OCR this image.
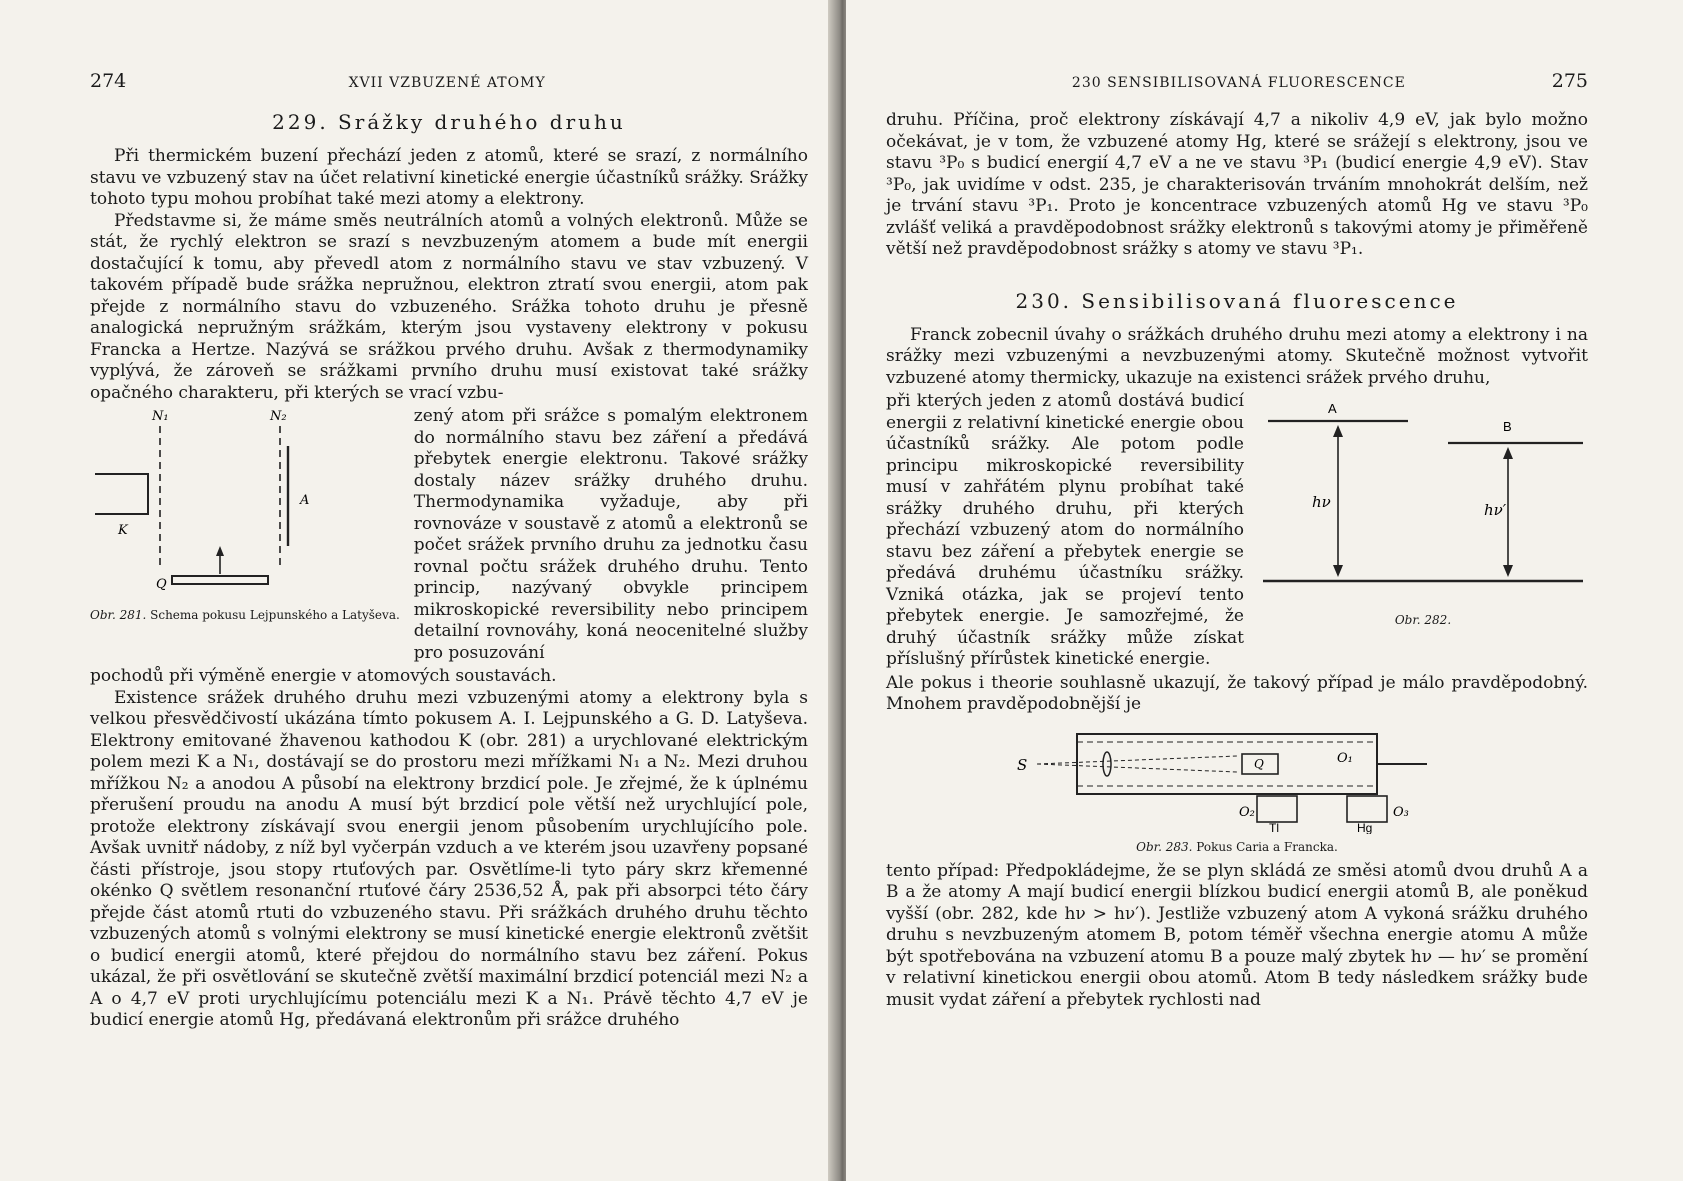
274	XVII VZBUZENÉ ATOMY
229. Srážky druhého druhu

Při thermickém buzení přechází jeden z atomů, které se srazí, z normálního stavu ve vzbuzený stav na účet relativní kinetické energie účastníků srážky. Srážky tohoto typu mohou probíhat také mezi atomy a elektrony.

Představme si, že máme směs neutrálních atomů a volných elektronů. Může se stát, že rychlý elektron se srazí s nevzbuzeným atomem a bude mít energii dostačující k tomu, aby převedl atom z normálního stavu ve stav vzbuzený. V takovém případě bude srážka nepružnou, elektron ztratí svou energii, atom pak přejde z normálního stavu do vzbuzeného. Srážka tohoto druhu je přesně analogická nepružným srážkám, kterým jsou vystaveny elektrony v pokusu Francka a Hertze. Nazývá se srážkou prvého druhu. Avšak z thermodynamiky vyplývá, že zároveň se srážkami prvního druhu musí existovat také srážky opačného charakteru, při kterých se vrací vzbu-

N₁	N₂
K
A
Q
Obr. 281. Schema pokusu Lejpunského a Latyševa.

zený atom při srážce s pomalým elektronem do normálního stavu bez záření a předává přebytek energie elektronu. Takové srážky dostaly název srážky druhého druhu. Thermodynamika vyžaduje, aby při rovnováze v soustavě z atomů a elektronů se počet srážek prvního druhu za jednotku času rovnal počtu srážek druhého druhu. Tento princip, nazývaný obvykle principem mikroskopické reversibility nebo principem detailní rovnováhy, koná neocenitelné služby pro posuzování

pochodů při výměně energie v atomových soustavách.

Existence srážek druhého druhu mezi vzbuzenými atomy a elektrony byla s velkou přesvědčivostí ukázána tímto pokusem A. I. Lejpunského a G. D. Latyševa. Elektrony emitované žhavenou kathodou K (obr. 281) a urychlované elektrickým polem mezi K a N₁, dostávají se do prostoru mezi mřížkami N₁ a N₂. Mezi druhou mřížkou N₂ a anodou A působí na elektrony brzdicí pole. Je zřejmé, že k úplnému přerušení proudu na anodu A musí být brzdicí pole větší než urychlující pole, protože elektrony získávají svou energii jenom působením urychlujícího pole. Avšak uvnitř nádoby, z níž byl vyčerpán vzduch a ve kterém jsou uzavřeny popsané části přístroje, jsou stopy rtuťových par. Osvětlíme-li tyto páry skrz křemenné okénko Q světlem resonanční rtuťové čáry 2536,52 Å, pak při absorpci této čáry přejde část atomů rtuti do vzbuzeného stavu. Při srážkách druhého druhu těchto vzbuzených atomů s volnými elektrony se musí kinetické energie elektronů zvětšit o budicí energii atomů, které přejdou do normálního stavu bez záření. Pokus ukázal, že při osvětlování se skutečně zvětší maximální brzdicí potenciál mezi N₂ a A o 4,7 eV proti urychlujícímu potenciálu mezi K a N₁. Právě těchto 4,7 eV je budicí energie atomů Hg, předávaná elektronům při srážce druhého

230 SENSIBILISOVANÁ FLUORESCENCE	275

druhu. Příčina, proč elektrony získávají 4,7 a nikoliv 4,9 eV, jak bylo možno očekávat, je v tom, že vzbuzené atomy Hg, které se srážejí s elektrony, jsou ve stavu ³P₀ s budicí energií 4,7 eV a ne ve stavu ³P₁ (budicí energie 4,9 eV). Stav ³P₀, jak uvidíme v odst. 235, je charakterisován trváním mnohokrát delším, než je trvání stavu ³P₁. Proto je koncentrace vzbuzených atomů Hg ve stavu ³P₀ zvlášť veliká a pravděpodobnost srážky elektronů s takovými atomy je přiměřeně větší než pravděpodobnost srážky s atomy ve stavu ³P₁.

230. Sensibilisovaná fluorescence

Franck zobecnil úvahy o srážkách druhého druhu mezi atomy a elektrony i na srážky mezi vzbuzenými a nevzbuzenými atomy. Skutečně možnost vytvořit vzbuzené atomy thermicky, ukazuje na existenci srážek prvého druhu,

při kterých jeden z atomů dostává budicí energii z relativní kinetické energie obou účastníků srážky. Ale potom podle principu mikroskopické reversibility musí v zahřátém plynu probíhat také srážky druhého druhu, při kterých přechází vzbuzený atom do normálního stavu bez záření a přebytek energie se předává druhému účastníku srážky. Vzniká otázka, jak se projeví tento přebytek energie. Je samozřejmé, že druhý účastník srážky může získat příslušný přírůstek kinetické energie.

A
B
hν	hν′
Obr. 282.

Ale pokus i theorie souhlasně ukazují, že takový případ je málo pravděpodobný. Mnohem pravděpodobnější je

S	Q	O₁
O₂	O₃
Tl	Hg
Obr. 283. Pokus Caria a Francka.

tento případ: Předpokládejme, že se plyn skládá ze směsi atomů dvou druhů A a B a že atomy A mají budicí energii blízkou budicí energii atomů B, ale poněkud vyšší (obr. 282, kde hν > hν′). Jestliže vzbuzený atom A vykoná srážku druhého druhu s nevzbuzeným atomem B, potom téměř všechna energie atomu A může být spotřebována na vzbuzení atomu B a pouze malý zbytek hν — hν′ se promění v relativní kinetickou energii obou atomů. Atom B tedy následkem srážky bude musit vydat záření a přebytek rychlosti nad
